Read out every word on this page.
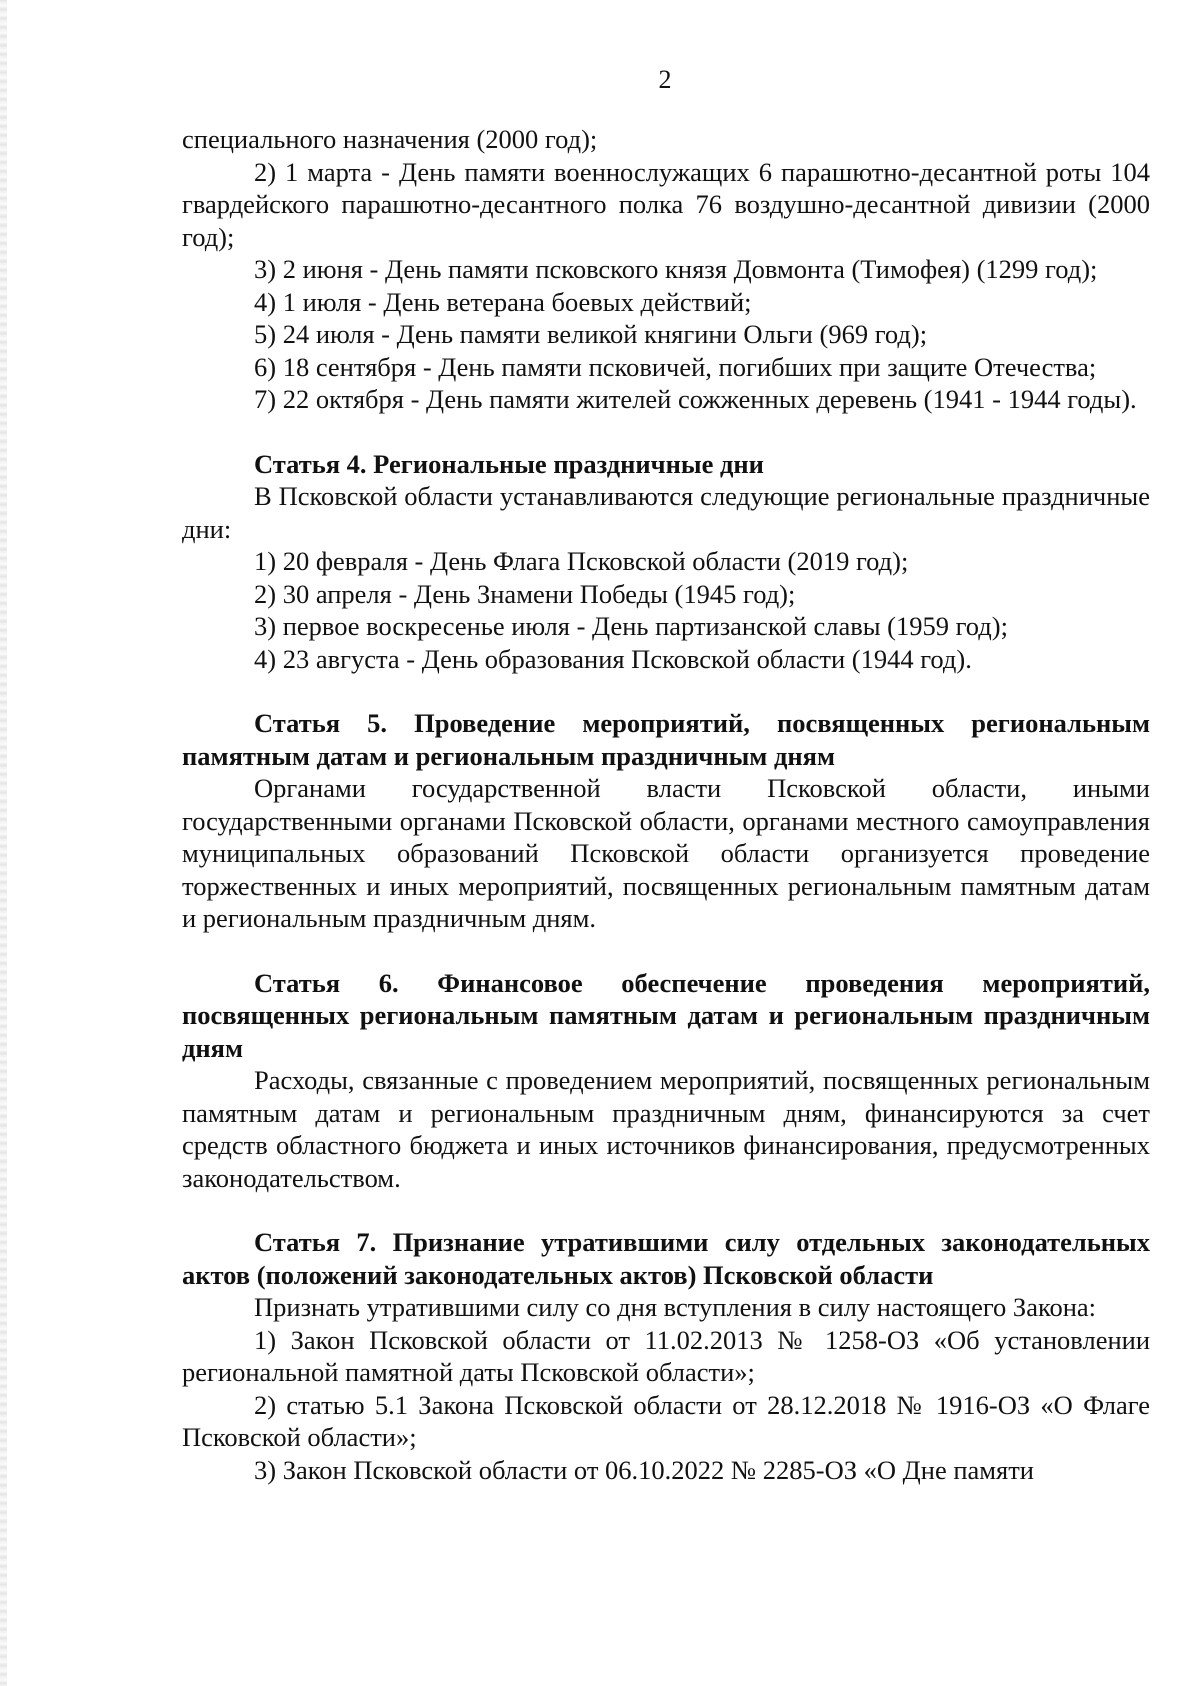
2

специального назначения (2000 год);

2) 1 марта - День памяти военнослужащих 6 парашютно-десантной роты 104 гвардейского парашютно-десантного полка 76 воздушно-десантной дивизии (2000 год);

3) 2 июня - День памяти псковского князя Довмонта (Тимофея) (1299 год);

4) 1 июля - День ветерана боевых действий;

5) 24 июля - День памяти великой княгини Ольги (969 год);

6) 18 сентября - День памяти псковичей, погибших при защите Отечества;

7) 22 октября - День памяти жителей сожженных деревень (1941 - 1944 годы).

Статья 4. Региональные праздничные дни

В Псковской области устанавливаются следующие региональные праздничные дни:

1) 20 февраля - День Флага Псковской области (2019 год);

2) 30 апреля - День Знамени Победы (1945 год);

3) первое воскресенье июля - День партизанской славы (1959 год);

4) 23 августа - День образования Псковской области (1944 год).

Статья 5. Проведение мероприятий, посвященных региональным памятным датам и региональным праздничным дням

Органами государственной власти Псковской области, иными государственными органами Псковской области, органами местного самоуправления муниципальных образований Псковской области организуется проведение торжественных и иных мероприятий, посвященных региональным памятным датам и региональным праздничным дням.

Статья 6. Финансовое обеспечение проведения мероприятий, посвященных региональным памятным датам и региональным праздничным дням

Расходы, связанные с проведением мероприятий, посвященных региональным памятным датам и региональным праздничным дням, финансируются за счет средств областного бюджета и иных источников финансирования, предусмотренных законодательством.

Статья 7. Признание утратившими силу отдельных законодательных актов (положений законодательных актов) Псковской области

Признать утратившими силу со дня вступления в силу настоящего Закона:

1) Закон Псковской области от 11.02.2013 № 1258-ОЗ «Об установлении региональной памятной даты Псковской области»;

2) статью 5.1 Закона Псковской области от 28.12.2018 № 1916-ОЗ «О Флаге Псковской области»;

3) Закон Псковской области от 06.10.2022 № 2285-ОЗ «О Дне памяти
